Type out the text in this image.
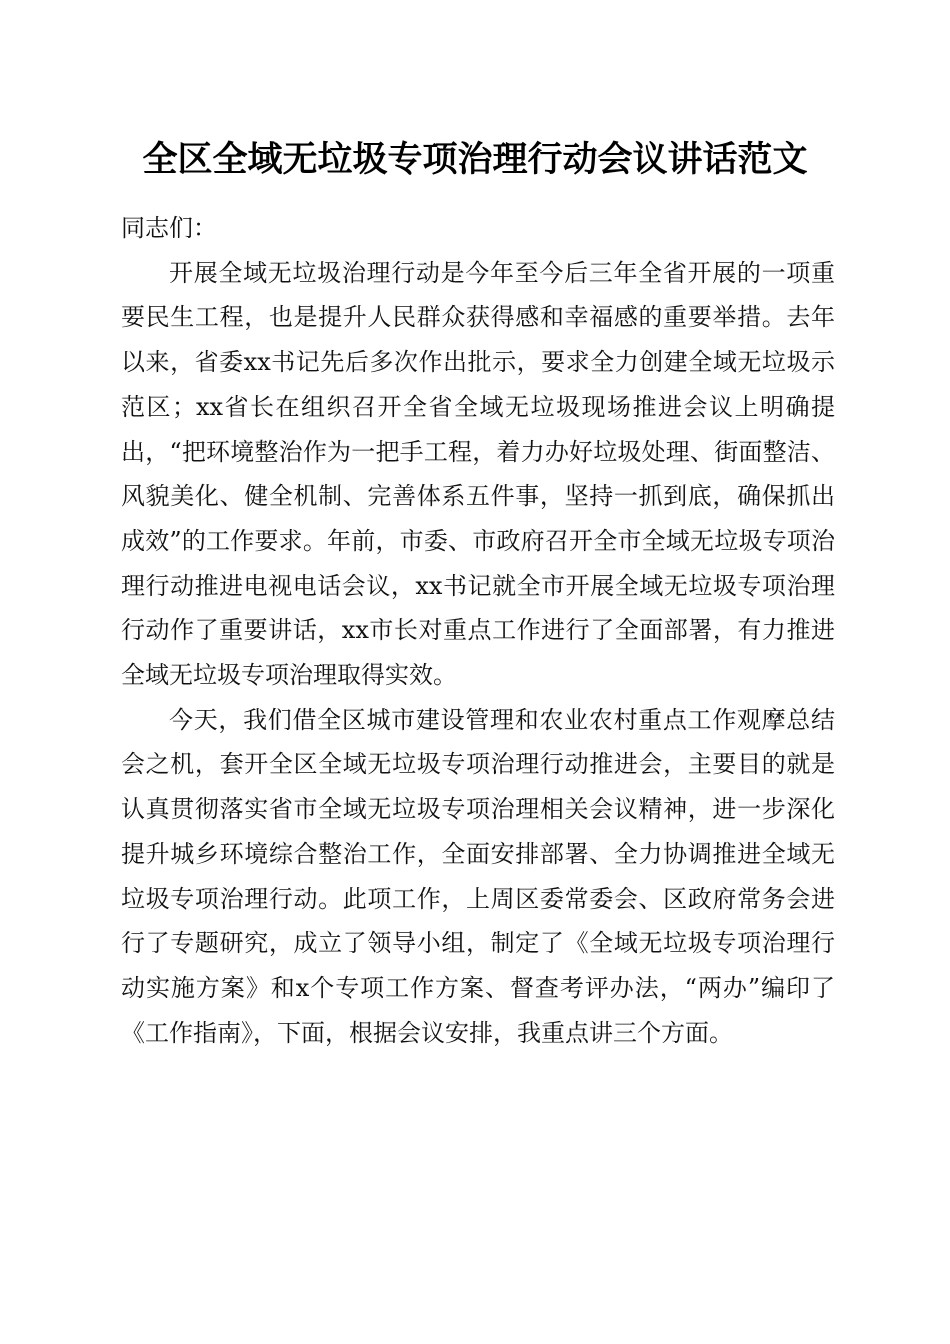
全区全域无垃圾专项治理行动会议讲话范文

同志们：

开展全域无垃圾治理行动是今年至今后三年全省开展的一项重要民生工程，也是提升人民群众获得感和幸福感的重要举措。去年以来，省委xx书记先后多次作出批示，要求全力创建全域无垃圾示范区；xx省长在组织召开全省全域无垃圾现场推进会议上明确提出，“把环境整治作为一把手工程，着力办好垃圾处理、街面整洁、风貌美化、健全机制、完善体系五件事，坚持一抓到底，确保抓出成效”的工作要求。年前，市委、市政府召开全市全域无垃圾专项治理行动推进电视电话会议，xx书记就全市开展全域无垃圾专项治理行动作了重要讲话，xx市长对重点工作进行了全面部署，有力推进全域无垃圾专项治理取得实效。

今天，我们借全区城市建设管理和农业农村重点工作观摩总结会之机，套开全区全域无垃圾专项治理行动推进会，主要目的就是认真贯彻落实省市全域无垃圾专项治理相关会议精神，进一步深化提升城乡环境综合整治工作，全面安排部署、全力协调推进全域无垃圾专项治理行动。此项工作，上周区委常委会、区政府常务会进行了专题研究，成立了领导小组，制定了《全域无垃圾专项治理行动实施方案》和x个专项工作方案、督查考评办法，“两办”编印了《工作指南》，下面，根据会议安排，我重点讲三个方面。
